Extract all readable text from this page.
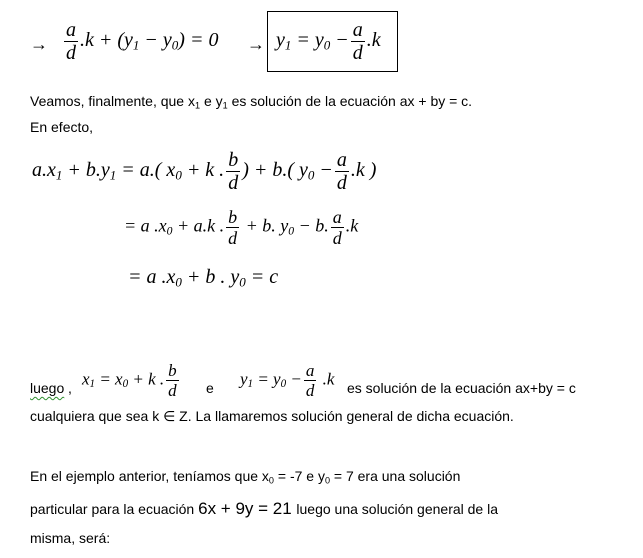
→ $\frac{a}{d} .k + (y_1 - y_0) = 0 \to y_1 = y_0 - \frac{a}{d} .k$
Veamos, finalmente, que $x_1$ e $y_1$ es solución de la ecuación ax + by = c.
En efecto,
$a.x_1 + b.y_1 = a$.( $x_0 + k$ . $\frac{b}{d}$ ) + b.( $y_0 - \frac{a}{d} .k$ )
= a $.x_0 + a.k$ . $\frac{b}{d} + b$. $y_0 - b$. $\frac{a}{d} .k$
= a $.x_0 + b$ . $y_0 = c$
luego , $x_1 = x_0 + k$ . $\frac{b}{d}$ e $y_1 = y_0 - \frac{a}{d} .k$ es solución de la ecuación ax+by = c
cualquiera que sea k ∈ Z. La llamaremos solución general de dicha ecuación.
En el ejemplo anterior, teníamos que $x_0 = -7$ e $y_0 = 7$ era una solución
particular para la ecuación 6x + 9y = 21 luego una solución general de la
misma, será:
